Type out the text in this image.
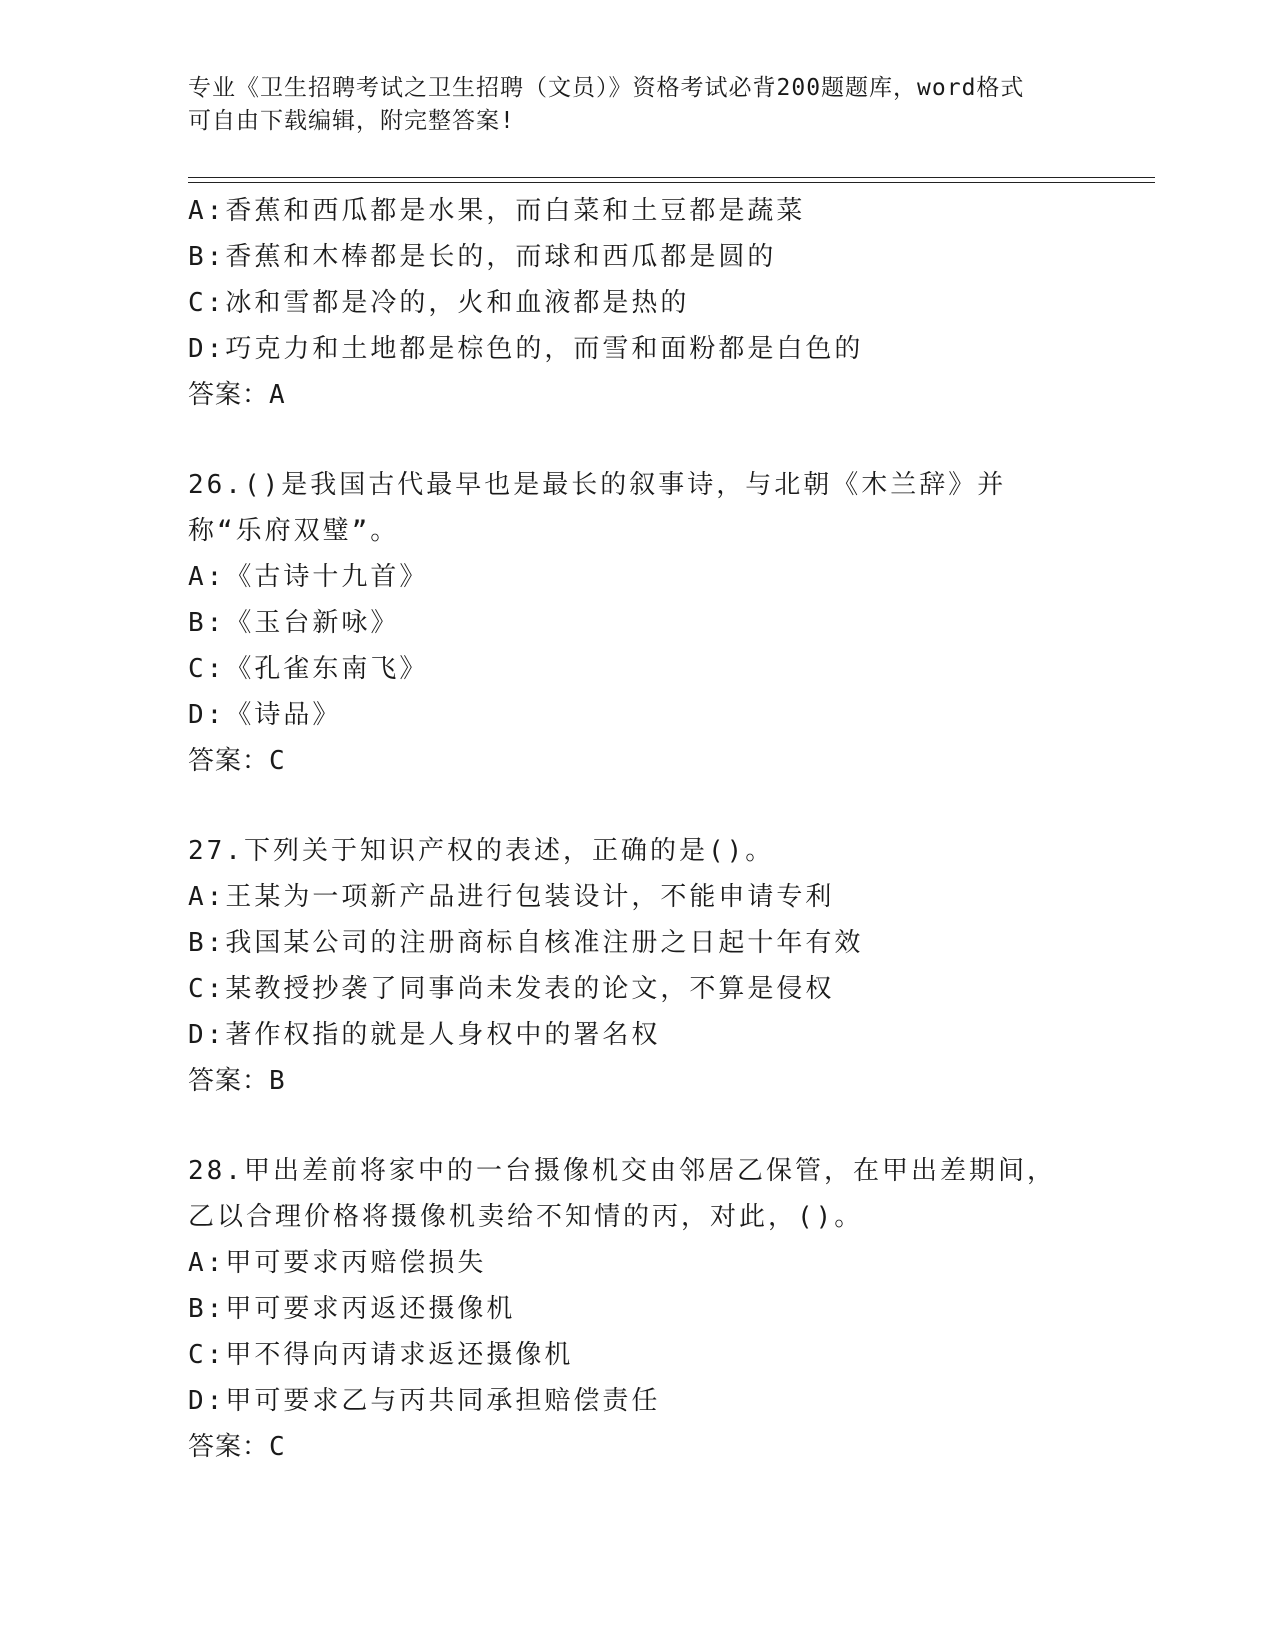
专业《卫生招聘考试之卫生招聘（文员）》资格考试必背200题题库，word格式
可自由下载编辑，附完整答案!
A:香蕉和西瓜都是水果，而白菜和土豆都是蔬菜
B:香蕉和木棒都是长的，而球和西瓜都是圆的
C:冰和雪都是冷的，火和血液都是热的
D:巧克力和土地都是棕色的，而雪和面粉都是白色的
答案：A
26.()是我国古代最早也是最长的叙事诗，与北朝《木兰辞》并称“乐府双璧”。
A:《古诗十九首》
B:《玉台新咏》
C:《孔雀东南飞》
D:《诗品》
答案：C
27.下列关于知识产权的表述，正确的是()。
A:王某为一项新产品进行包装设计，不能申请专利
B:我国某公司的注册商标自核准注册之日起十年有效
C:某教授抄袭了同事尚未发表的论文，不算是侵权
D:著作权指的就是人身权中的署名权
答案：B
28.甲出差前将家中的一台摄像机交由邻居乙保管，在甲出差期间，乙以合理价格将摄像机卖给不知情的丙，对此，()。
A:甲可要求丙赔偿损失
B:甲可要求丙返还摄像机
C:甲不得向丙请求返还摄像机
D:甲可要求乙与丙共同承担赔偿责任
答案：C
